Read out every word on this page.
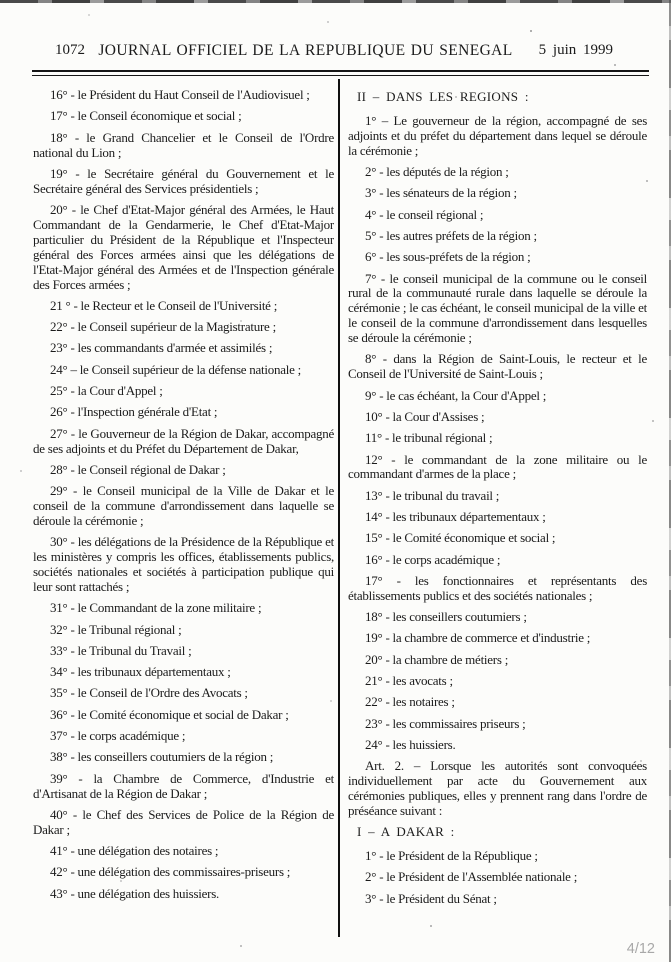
1072 JOURNAL OFFICIEL DE LA REPUBLIQUE DU SENEGAL	5 juin 1999

16° - le Président du Haut Conseil de l'Audiovisuel ;

17° - le Conseil économique et social ;

18° - le Grand Chancelier et le Conseil de l'Ordre national du Lion ;

19° - le Secrétaire général du Gouvernement et le Secrétaire général des Services présidentiels ;

20° - le Chef d'Etat-Major général des Armées, le Haut Commandant de la Gendarmerie, le Chef d'Etat-Major particulier du Président de la République et l'Inspecteur général des Forces armées ainsi que les délégations de l'Etat-Major général des Armées et de l'Inspection générale des Forces armées ;

21 ° - le Recteur et le Conseil de l'Université ;

22° - le Conseil supérieur de la Magistrature ;

23° - les commandants d'armée et assimilés ;

24° – le Conseil supérieur de la défense nationale ;

25° - la Cour d'Appel ;

26° - l'Inspection générale d'Etat ;

27° - le Gouverneur de la Région de Dakar, accompagné de ses adjoints et du Préfet du Département de Dakar,

28° - le Conseil régional de Dakar ;

29° - le Conseil municipal de la Ville de Dakar et le conseil de la commune d'arrondissement dans laquelle se déroule la cérémonie ;

30° - les délégations de la Présidence de la République et les ministères y compris les offices, établissements publics, sociétés nationales et sociétés à participation publique qui leur sont rattachés ;

31° - le Commandant de la zone militaire ;

32° - le Tribunal régional ;

33° - le Tribunal du Travail ;

34° - les tribunaux départementaux ;

35° - le Conseil de l'Ordre des Avocats ;

36° - le Comité économique et social de Dakar ;

37° - le corps académique ;

38° - les conseillers coutumiers de la région ;

39° - la Chambre de Commerce, d'Industrie et d'Artisanat de la Région de Dakar ;

40° - le Chef des Services de Police de la Région de Dakar ;

41° - une délégation des notaires ;

42° - une délégation des commissaires-priseurs ;

43° - une délégation des huissiers.

II – DANS LES REGIONS :

1° – Le gouverneur de la région, accompagné de ses adjoints et du préfet du département dans lequel se déroule la cérémonie ;

2° - les députés de la région ;

3° - les sénateurs de la région ;

4° - le conseil régional ;

5° - les autres préfets de la région ;

6° - les sous-préfets de la région ;

7° - le conseil municipal de la commune ou le conseil rural de la communauté rurale dans laquelle se déroule la cérémonie ; le cas échéant, le conseil municipal de la ville et le conseil de la commune d'arrondissement dans lesquelles se déroule la cérémonie ;

8° - dans la Région de Saint-Louis, le recteur et le Conseil de l'Université de Saint-Louis ;

9° - le cas échéant, la Cour d'Appel ;

10° - la Cour d'Assises ;

11° - le tribunal régional ;

12° - le commandant de la zone militaire ou le commandant d'armes de la place ;

13° - le tribunal du travail ;

14° - les tribunaux départementaux ;

15° - le Comité économique et social ;

16° - le corps académique ;

17° - les fonctionnaires et représentants des établissements publics et des sociétés nationales ;

18° - les conseillers coutumiers ;

19° - la chambre de commerce et d'industrie ;

20° - la chambre de métiers ;

21° - les avocats ;

22° - les notaires ;

23° - les commissaires priseurs ;

24° - les huissiers.

Art. 2. – Lorsque les autorités sont convoquées individuellement par acte du Gouvernement aux cérémonies publiques, elles y prennent rang dans l'ordre de préséance suivant :

I – A DAKAR :

1° - le Président de la République ;

2° - le Président de l'Assemblée nationale ;

3° - le Président du Sénat ;

4/12
